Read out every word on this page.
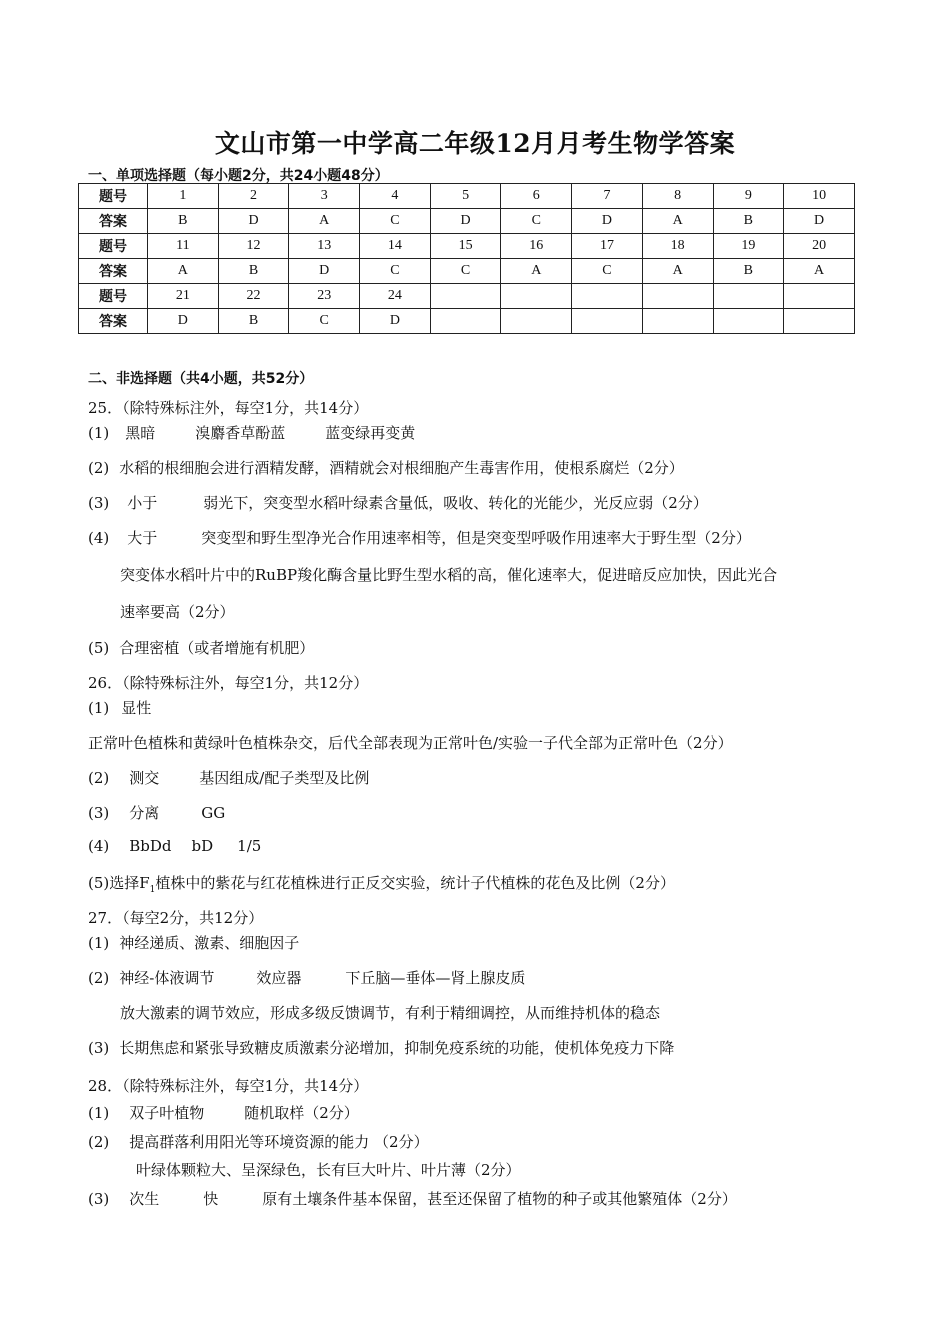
文山市第一中学高二年级12月月考生物学答案
一、单项选择题（每小题2分，共24小题48分）
题号	1	2	3	4	5	6	7	8	9	10
答案	B	D	A	C	D	C	D	A	B	D
题号	11	12	13	14	15	16	17	18	19	20
答案	A	B	D	C	C	A	C	A	B	A
题号	21	22	23	24						
答案	D	B	C	D						
二、非选择题（共4小题，共52分）
25．（除特殊标注外，每空1分，共14分）
(1) 黑暗	溴麝香草酚蓝	蓝变绿再变黄
(2) 水稻的根细胞会进行酒精发酵，酒精就会对根细胞产生毒害作用，使根系腐烂（2分）
(3) 小于	弱光下，突变型水稻叶绿素含量低，吸收、转化的光能少，光反应弱（2分）
(4) 大于	突变型和野生型净光合作用速率相等，但是突变型呼吸作用速率大于野生型（2分）
突变体水稻叶片中的RuBP羧化酶含量比野生型水稻的高，催化速率大，促进暗反应加快，因此光合
速率要高（2分）
(5) 合理密植（或者增施有机肥）
26．（除特殊标注外，每空1分，共12分）
(1) 显性
正常叶色植株和黄绿叶色植株杂交，后代全部表现为正常叶色/实验一子代全部为正常叶色（2分）
(2) 测交	基因组成/配子类型及比例
(3) 分离	GG
(4) BbDd bD 1/5
(5)选择$F_1$植株中的紫花与红花植株进行正反交实验，统计子代植株的花色及比例（2分）
27．（每空2分，共12分）
(1) 神经递质、激素、细胞因子
(2) 神经-体液调节	效应器	下丘脑—垂体—肾上腺皮质
放大激素的调节效应，形成多级反馈调节，有利于精细调控，从而维持机体的稳态
(3) 长期焦虑和紧张导致糖皮质激素分泌增加，抑制免疫系统的功能，使机体免疫力下降
28．（除特殊标注外，每空1分，共14分）
(1) 双子叶植物	随机取样（2分）
(2) 提高群落利用阳光等环境资源的能力 （2分）
叶绿体颗粒大、呈深绿色，长有巨大叶片、叶片薄（2分）
(3) 次生	快	原有土壤条件基本保留，甚至还保留了植物的种子或其他繁殖体（2分）
